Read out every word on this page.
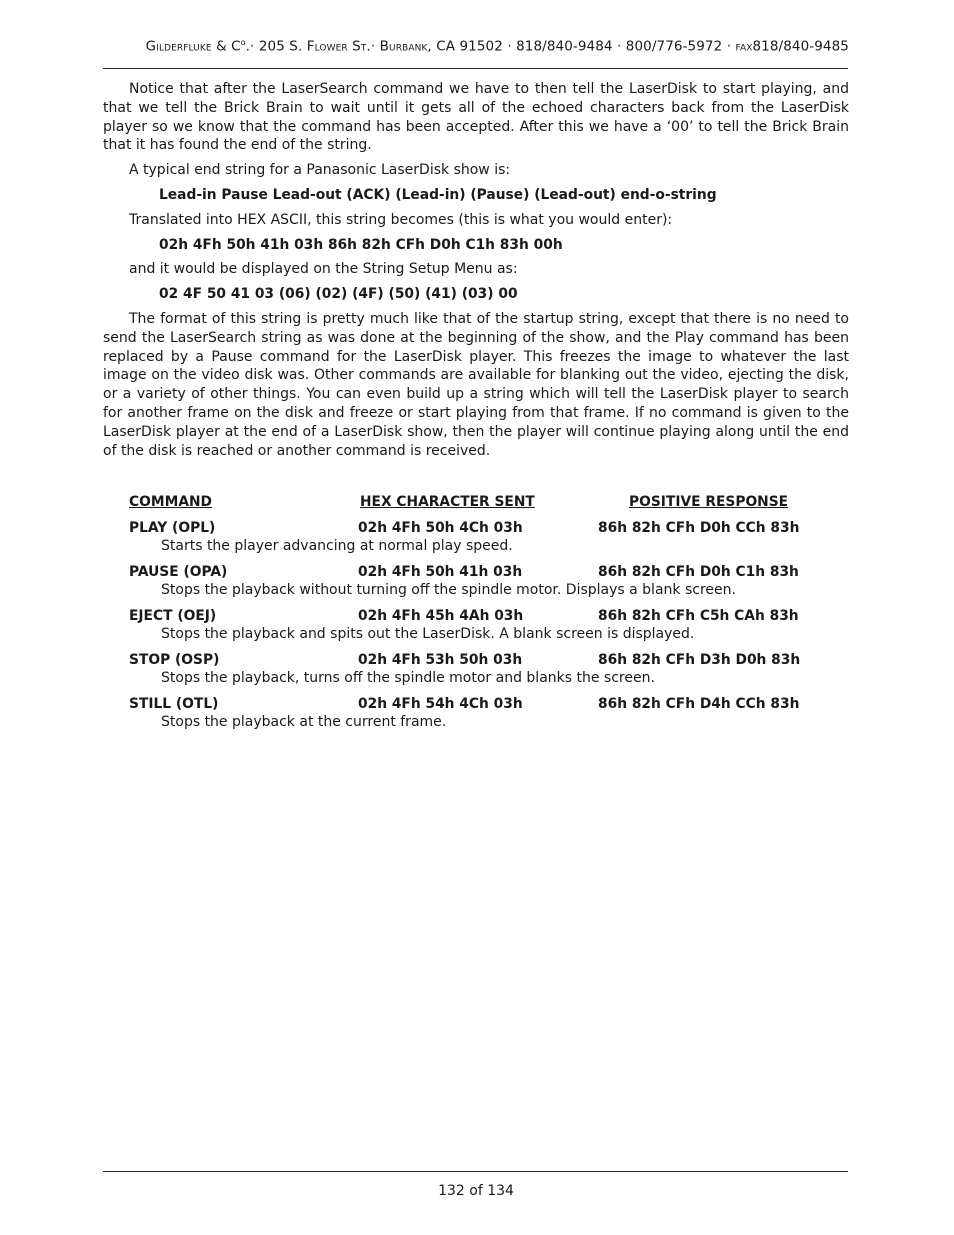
Gilderfluke & $C^o.\cdot 205$ S. Flower St.· Burbank, CA 91502 · 818/840-9484 · 800/776-5972 · fax818/840-9485

Notice that after the LaserSearch command we have to then tell the LaserDisk to start playing, and that we tell the Brick Brain to wait until it gets all of the echoed characters back from the LaserDisk player so we know that the command has been accepted. After this we have a ‘00’ to tell the Brick Brain that it has found the end of the string.

A typical end string for a Panasonic LaserDisk show is:

Lead-in Pause Lead-out (ACK) (Lead-in) (Pause) (Lead-out) end-o-string

Translated into HEX ASCII, this string becomes (this is what you would enter):

02h 4Fh 50h 41h 03h 86h 82h CFh D0h C1h 83h 00h

and it would be displayed on the String Setup Menu as:

02 4F 50 41 03 (06) (02) (4F) (50) (41) (03) 00

The format of this string is pretty much like that of the startup string, except that there is no need to send the LaserSearch string as was done at the beginning of the show, and the Play command has been replaced by a Pause command for the LaserDisk player. This freezes the image to whatever the last image on the video disk was. Other commands are available for blanking out the video, ejecting the disk, or a variety of other things. You can even build up a string which will tell the LaserDisk player to search for another frame on the disk and freeze or start playing from that frame. If no command is given to the LaserDisk player at the end of a LaserDisk show, then the player will continue playing along until the end of the disk is reached or another command is received.

COMMAND	HEX CHARACTER SENT	POSITIVE RESPONSE
PLAY (OPL)	02h 4Fh 50h 4Ch 03h	86h 82h CFh D0h CCh 83h
Starts the player advancing at normal play speed.
PAUSE (OPA)	02h 4Fh 50h 41h 03h	86h 82h CFh D0h C1h 83h
Stops the playback without turning off the spindle motor. Displays a blank screen.
EJECT (OEJ)	02h 4Fh 45h 4Ah 03h	86h 82h CFh C5h CAh 83h
Stops the playback and spits out the LaserDisk. A blank screen is displayed.
STOP (OSP)	02h 4Fh 53h 50h 03h	86h 82h CFh D3h D0h 83h
Stops the playback, turns off the spindle motor and blanks the screen.
STILL (OTL)	02h 4Fh 54h 4Ch 03h	86h 82h CFh D4h CCh 83h
Stops the playback at the current frame.
132 of 134
